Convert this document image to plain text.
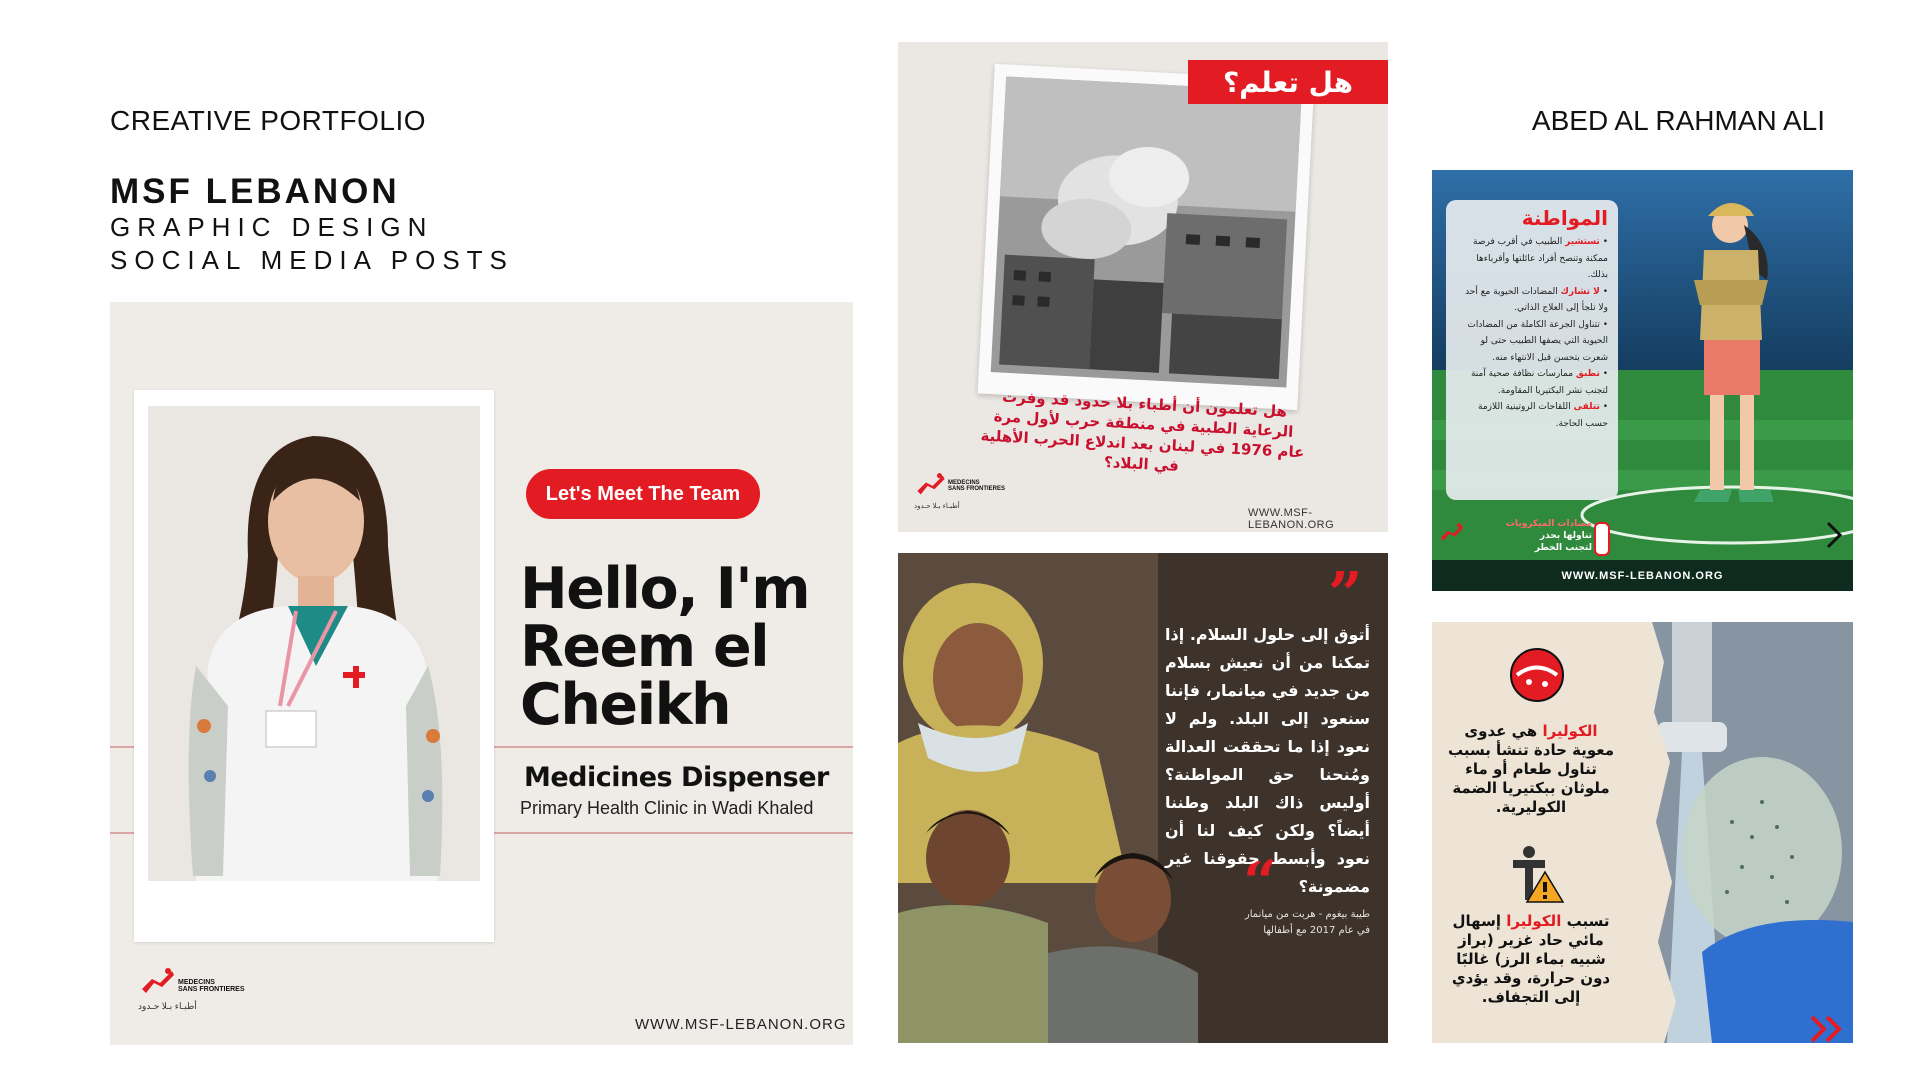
CREATIVE PORTFOLIO	ABED AL RAHMAN ALI
MSF LEBANON
GRAPHIC DESIGN
SOCIAL MEDIA POSTS
Let's Meet The Team
Hello, I'm
Reem el
Cheikh
Medicines Dispenser
Primary Health Clinic in Wadi Khaled
MEDECINS
SANS FRONTIERES
أطبـاء بـلا حـدود
WWW.MSF-LEBANON.ORG
هل تعلم؟
هل تعلمون أن أطباء بلا حدود قد وفرت الرعاية الطبية في منطقة حرب لأول مرة عام 1976 في لبنان بعد اندلاع الحرب الأهلية في البلاد؟
MEDECINS
SANS FRONTIERES
أطبـاء بـلا حـدود
WWW.MSF-LEBANON.ORG
”
“
أتوق إلى حلول السلام. إذا تمكنا من أن نعيش بسلام من جديد في ميانمار، فإننا سنعود إلى البلد. ولم لا نعود إذا ما تحققت العدالة ومُنحنا حق المواطنة؟ أوليس ذاك البلد وطننا أيضاً؟ ولكن كيف لنا أن نعود وأبسط حقوقنا غير مضمونة؟
طيبة بيغوم - هربت من ميانمار
في عام 2017 مع أطفالها
المواطنة
• تستشير الطبيب في أقرب فرصة ممكنة وتنصح أفراد عائلتها وأقرباءها بذلك.
• لا تشارك المضادات الحيوية مع أحد ولا تلجأ إلى العلاج الذاتي.
• تتناول الجرعة الكاملة من المضادات الحيوية التي يصفها الطبيب حتى لو شعرت بتحسن قبل الانتهاء منه.
• تطبق ممارسات نظافة صحية آمنة لتجنب نشر البكتيريا المقاومة.
• تتلقى اللقاحات الروتينية اللازمة حسب الحاجة.
مضادات الميكروبات
تناولها بحذر
لتجنب الخطر
WWW.MSF-LEBANON.ORG
الكوليرا هي عدوى معوية حادة تنشأ بسبب تناول طعام أو ماء ملوثان ببكتيريا الضمة الكوليرية.
تسبب الكوليرا إسهال مائي حاد غزير (براز شبيه بماء الرز) غالبًا دون حرارة، وقد يؤدي إلى التجفاف.
